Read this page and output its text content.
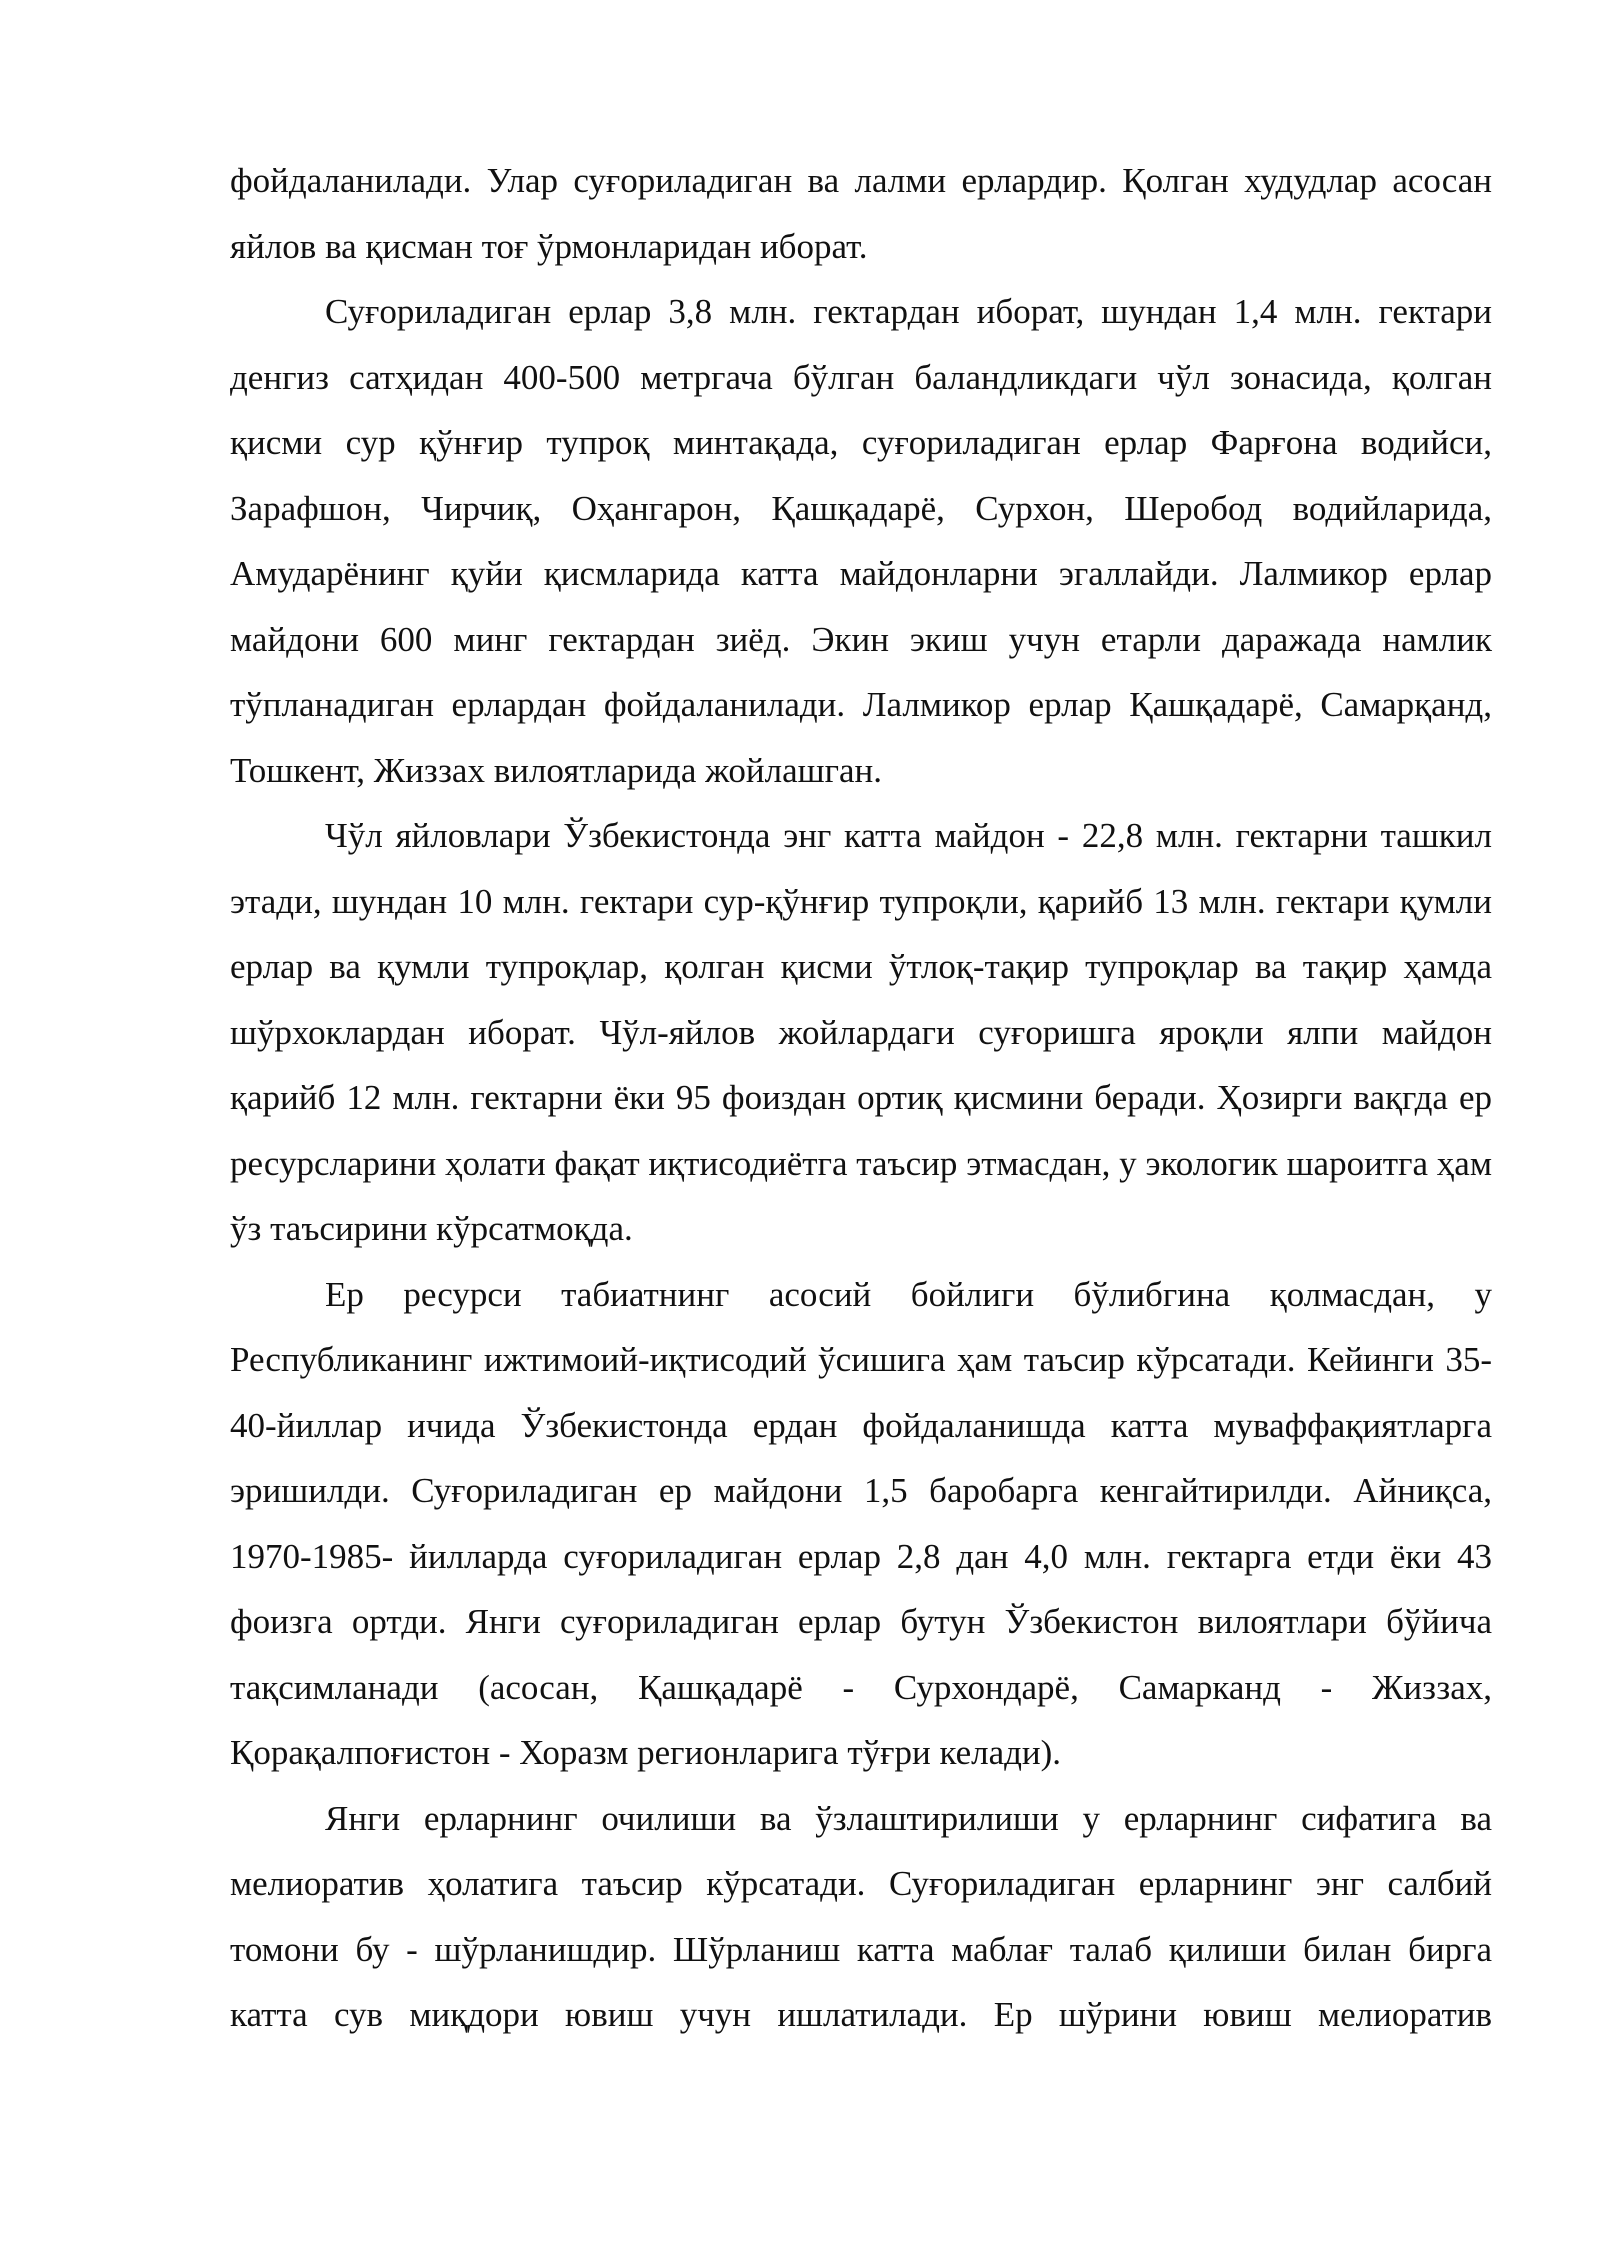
фойдаланилади. Улар суғориладиган ва лалми ерлардир. Қолган худудлар асосан яйлов ва қисман тоғ ўрмонларидан иборат.

Суғориладиган ерлар 3,8 млн. гектардан иборат, шундан 1,4 млн. гектари денгиз сатҳидан 400-500 метргача бўлган баландликдаги чўл зонасида, қолган қисми сур қўнғир тупроқ минтақада, суғориладиган ерлар Фарғона водийси, Зарафшон, Чирчиқ, Оҳангарон, Қашқадарё, Сурхон, Шеробод водийларида, Амударёнинг қуйи қисмларида катта майдонларни эгаллайди. Лалмикор ерлар майдони 600 минг гектардан зиёд. Экин экиш учун етарли даражада намлик тўпланадиган ерлардан фойдаланилади. Лалмикор ерлар Қашқадарё, Самарқанд, Тошкент, Жиззах вилоятларида жойлашган.

Чўл яйловлари Ўзбекистонда энг катта майдон - 22,8 млн. гектарни ташкил этади, шундан 10 млн. гектари сур-қўнғир тупроқли, қарийб 13 млн. гектари қумли ерлар ва қумли тупроқлар, қолган қисми ўтлоқ-тақир тупроқлар ва тақир ҳамда шўрхоклардан иборат. Чўл-яйлов жойлардаги суғоришга яроқли ялпи майдон қарийб 12 млн. гектарни ёки 95 фоиздан ортиқ қисмини беради. Ҳозирги вақгда ер ресурсларини ҳолати фақат иқтисодиётга таъсир этмасдан, у экологик шароитга ҳам ўз таъсирини кўрсатмоқда.

Ер ресурси табиатнинг асосий бойлиги бўлибгина қолмасдан, у Республиканинг ижтимоий-иқтисодий ўсишига ҳам таъсир кўрсатади. Кейинги 35-40-йиллар ичида Ўзбекистонда ердан фойдаланишда катта муваффақиятларга эришилди. Суғориладиган ер майдони 1,5 баробарга кенгайтирилди. Айниқса, 1970-1985- йилларда суғориладиган ерлар 2,8 дан 4,0 млн. гектарга етди ёки 43 фоизга ортди. Янги суғориладиган ерлар бутун Ўзбекистон вилоятлари бўйича тақсимланади (асосан, Қашқадарё - Сурхондарё, Самарканд - Жиззах, Қорақалпоғистон - Хоразм регионларига тўғри келади).

Янги ерларнинг очилиши ва ўзлаштирилиши у ерларнинг сифатига ва мелиоратив ҳолатига таъсир кўрсатади. Суғориладиган ерларнинг энг салбий томони бу - шўрланишдир. Шўрланиш катта маблағ талаб қилиши билан бирга катта сув миқдори ювиш учун ишлатилади. Ер шўрини ювиш мелиоратив
